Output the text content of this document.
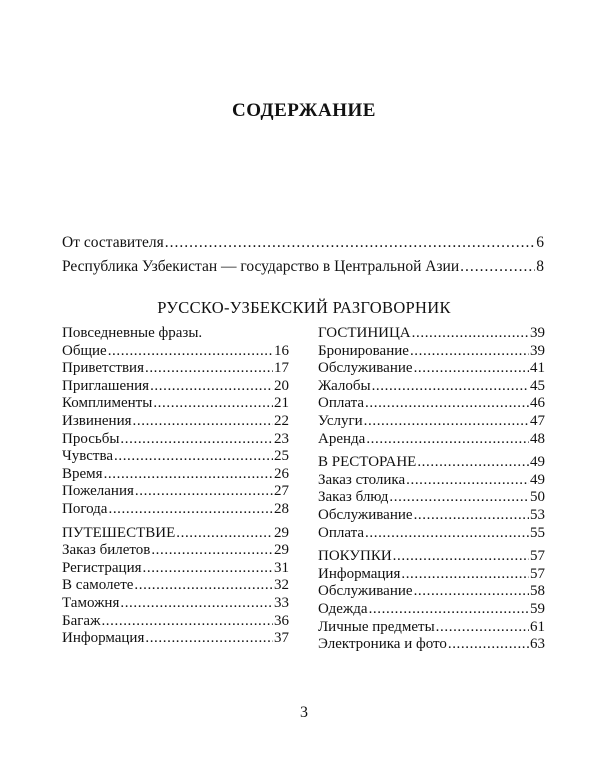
СОДЕРЖАНИЕ
От составителя .....	6
Республика Узбекистан — государство в Центральной Азии .....	8
РУССКО-УЗБЕКСКИЙ РАЗГОВОРНИК
Повседневные фразы.
Общие .....	16
Приветствия .....	17
Приглашения .....	20
Комплименты .....	21
Извинения .....	22
Просьбы .....	23
Чувства .....	25
Время .....	26
Пожелания .....	27
Погода .....	28
ПУТЕШЕСТВИЕ .....	29
Заказ билетов .....	29
Регистрация .....	31
В самолете .....	32
Таможня .....	33
Багаж .....	36
Информация .....	37
ГОСТИНИЦА .....	39
Бронирование .....	39
Обслуживание .....	41
Жалобы .....	45
Оплата .....	46
Услуги .....	47
Аренда .....	48
В РЕСТОРАНЕ .....	49
Заказ столика .....	49
Заказ блюд .....	50
Обслуживание .....	53
Оплата .....	55
ПОКУПКИ .....	57
Информация .....	57
Обслуживание .....	58
Одежда .....	59
Личные предметы .....	61
Электроника и фото .....	63
3
